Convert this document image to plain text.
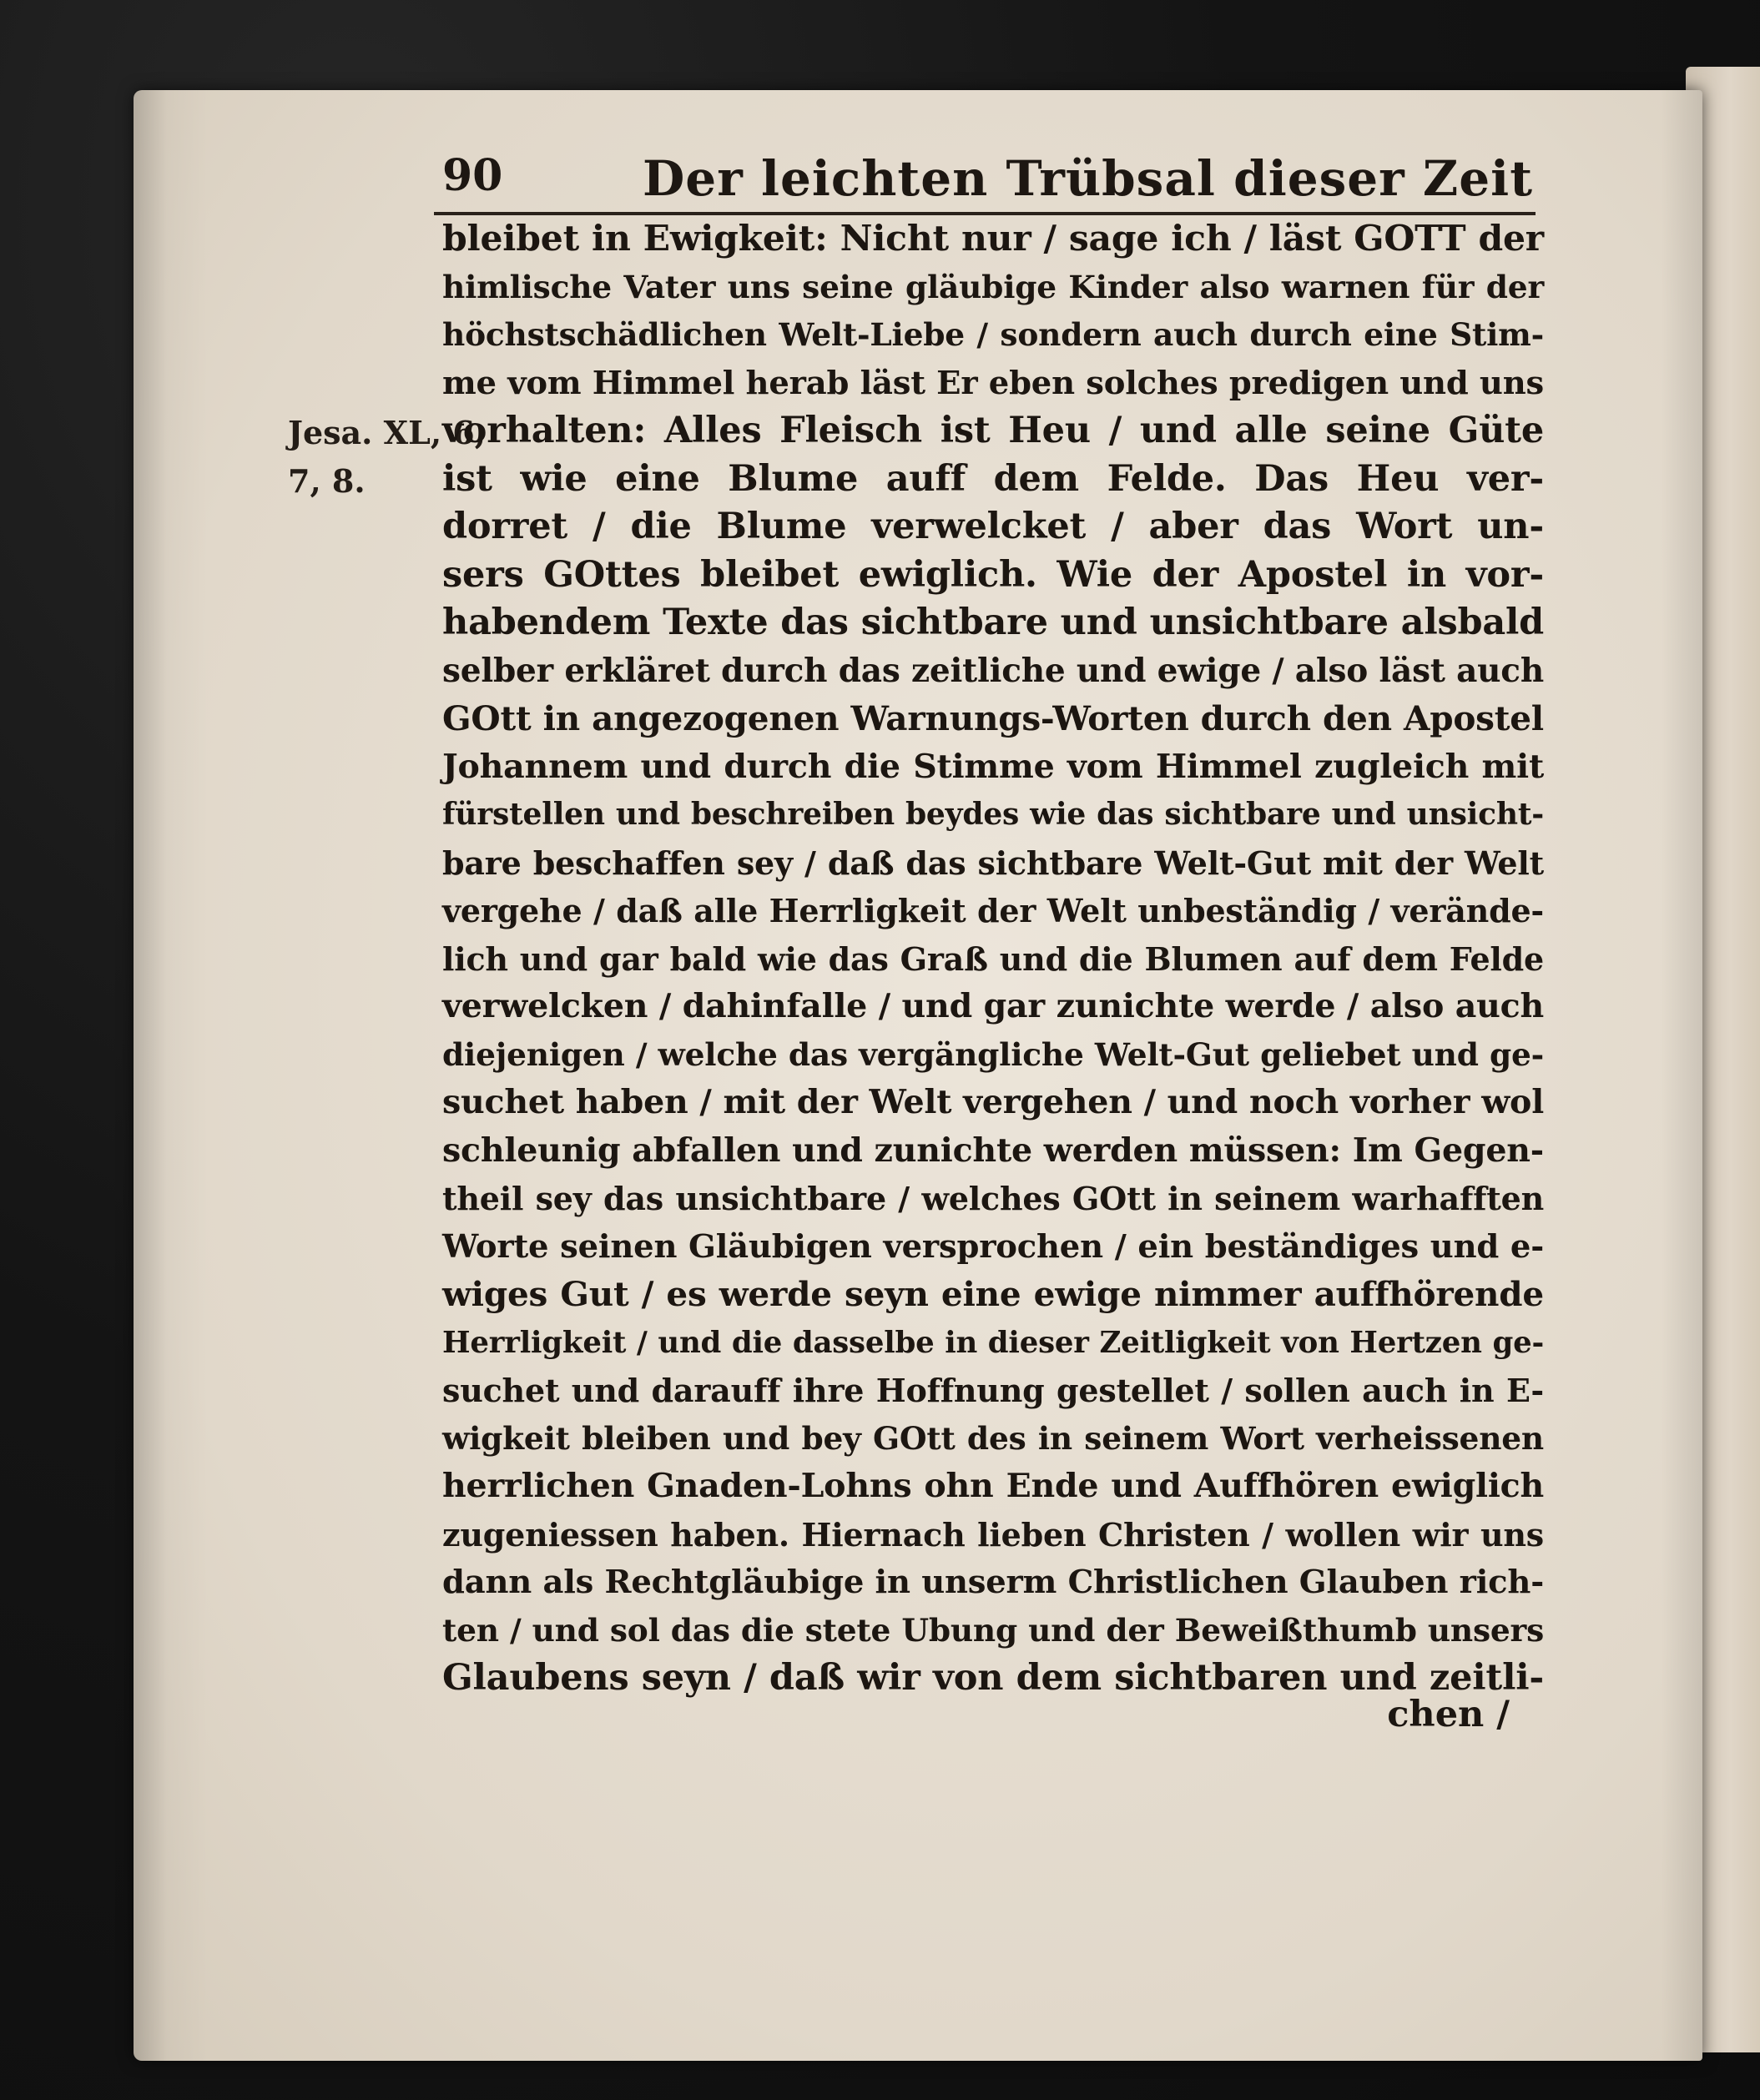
90	Der leichten Trübsal dieser Zeit
Jesa. XL, 6,
7, 8.
bleibet in Ewigkeit: Nicht nur / sage ich / läst GOTT der
himlische Vater uns seine gläubige Kinder also warnen für der
höchstschädlichen Welt-Liebe / sondern auch durch eine Stim-
me vom Himmel herab läst Er eben solches predigen und uns
vorhalten: Alles Fleisch ist Heu / und alle seine Güte
ist wie eine Blume auff dem Felde. Das Heu ver-
dorret / die Blume verwelcket / aber das Wort un-
sers GOttes bleibet ewiglich. Wie der Apostel in vor-
habendem Texte das sichtbare und unsichtbare alsbald
selber erkläret durch das zeitliche und ewige / also läst auch
GOtt in angezogenen Warnungs-Worten durch den Apostel
Johannem und durch die Stimme vom Himmel zugleich mit
fürstellen und beschreiben beydes wie das sichtbare und unsicht-
bare beschaffen sey / daß das sichtbare Welt-Gut mit der Welt
vergehe / daß alle Herrligkeit der Welt unbeständig / verände-
lich und gar bald wie das Graß und die Blumen auf dem Felde
verwelcken / dahinfalle / und gar zunichte werde / also auch
diejenigen / welche das vergängliche Welt-Gut geliebet und ge-
suchet haben / mit der Welt vergehen / und noch vorher wol
schleunig abfallen und zunichte werden müssen: Im Gegen-
theil sey das unsichtbare / welches GOtt in seinem warhafften
Worte seinen Gläubigen versprochen / ein beständiges und e-
wiges Gut / es werde seyn eine ewige nimmer auffhörende
Herrligkeit / und die dasselbe in dieser Zeitligkeit von Hertzen ge-
suchet und darauff ihre Hoffnung gestellet / sollen auch in E-
wigkeit bleiben und bey GOtt des in seinem Wort verheissenen
herrlichen Gnaden-Lohns ohn Ende und Auffhören ewiglich
zugeniessen haben. Hiernach lieben Christen / wollen wir uns
dann als Rechtgläubige in unserm Christlichen Glauben rich-
ten / und sol das die stete Ubung und der Beweißthumb unsers
Glaubens seyn / daß wir von dem sichtbaren und zeitli-
chen /
